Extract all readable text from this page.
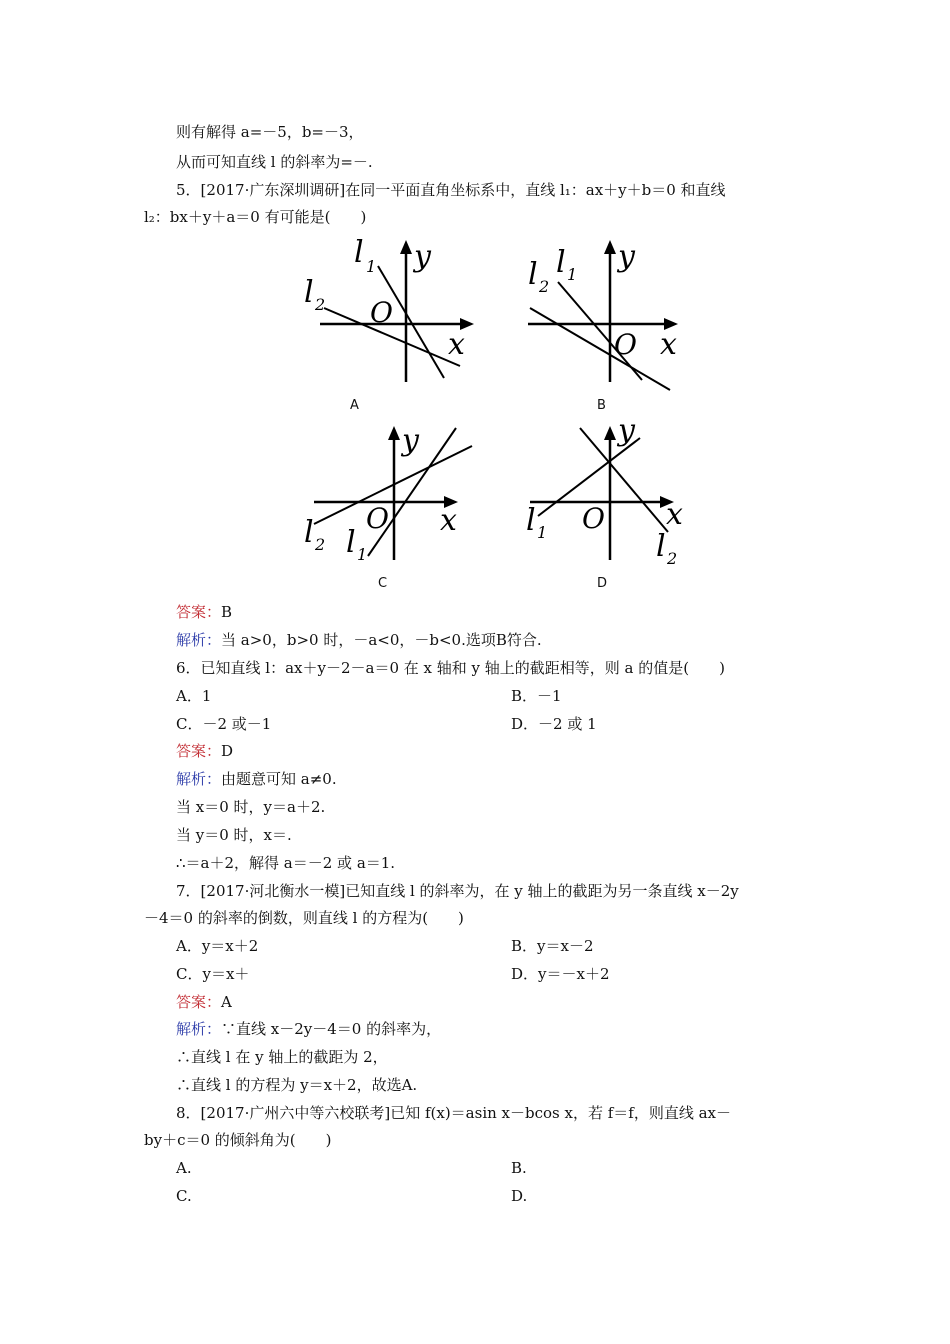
则有解得 a=－5，b=－3，
从而可知直线 l 的斜率为=－.
5．[2017·广东深圳调研]在同一平面直角坐标系中，直线 l₁：ax＋y＋b＝0 和直线
l₂：bx＋y＋a＝0 有可能是(　　)
x
y
O
l 1
l 2
A
x
y
O
l 1
l 2
B
x
y
O
l 2 l 1
C
x
y
O
l 1	l 2
D
答案：B
解析：当 a>0，b>0 时，－a<0，－b<0.选项B符合.
6．已知直线 l：ax＋y－2－a＝0 在 x 轴和 y 轴上的截距相等，则 a 的值是(　　)
A．1	B．－1
C．－2 或－1	D．－2 或 1
答案：D
解析：由题意可知 a≠0.
当 x＝0 时，y＝a＋2.
当 y＝0 时，x＝.
∴＝a＋2，解得 a＝－2 或 a＝1.
7．[2017·河北衡水一模]已知直线 l 的斜率为，在 y 轴上的截距为另一条直线 x－2y
－4＝0 的斜率的倒数，则直线 l 的方程为(　　)
A．y＝x＋2	B．y＝x－2
C．y＝x＋	D．y＝－x＋2
答案：A
解析：∵直线 x－2y－4＝0 的斜率为，
∴直线 l 在 y 轴上的截距为 2，
∴直线 l 的方程为 y＝x＋2，故选A.
8．[2017·广州六中等六校联考]已知 f(x)＝asin x－bcos x，若 f＝f，则直线 ax－
by＋c＝0 的倾斜角为(　　)
A.	B.
C.	D.
